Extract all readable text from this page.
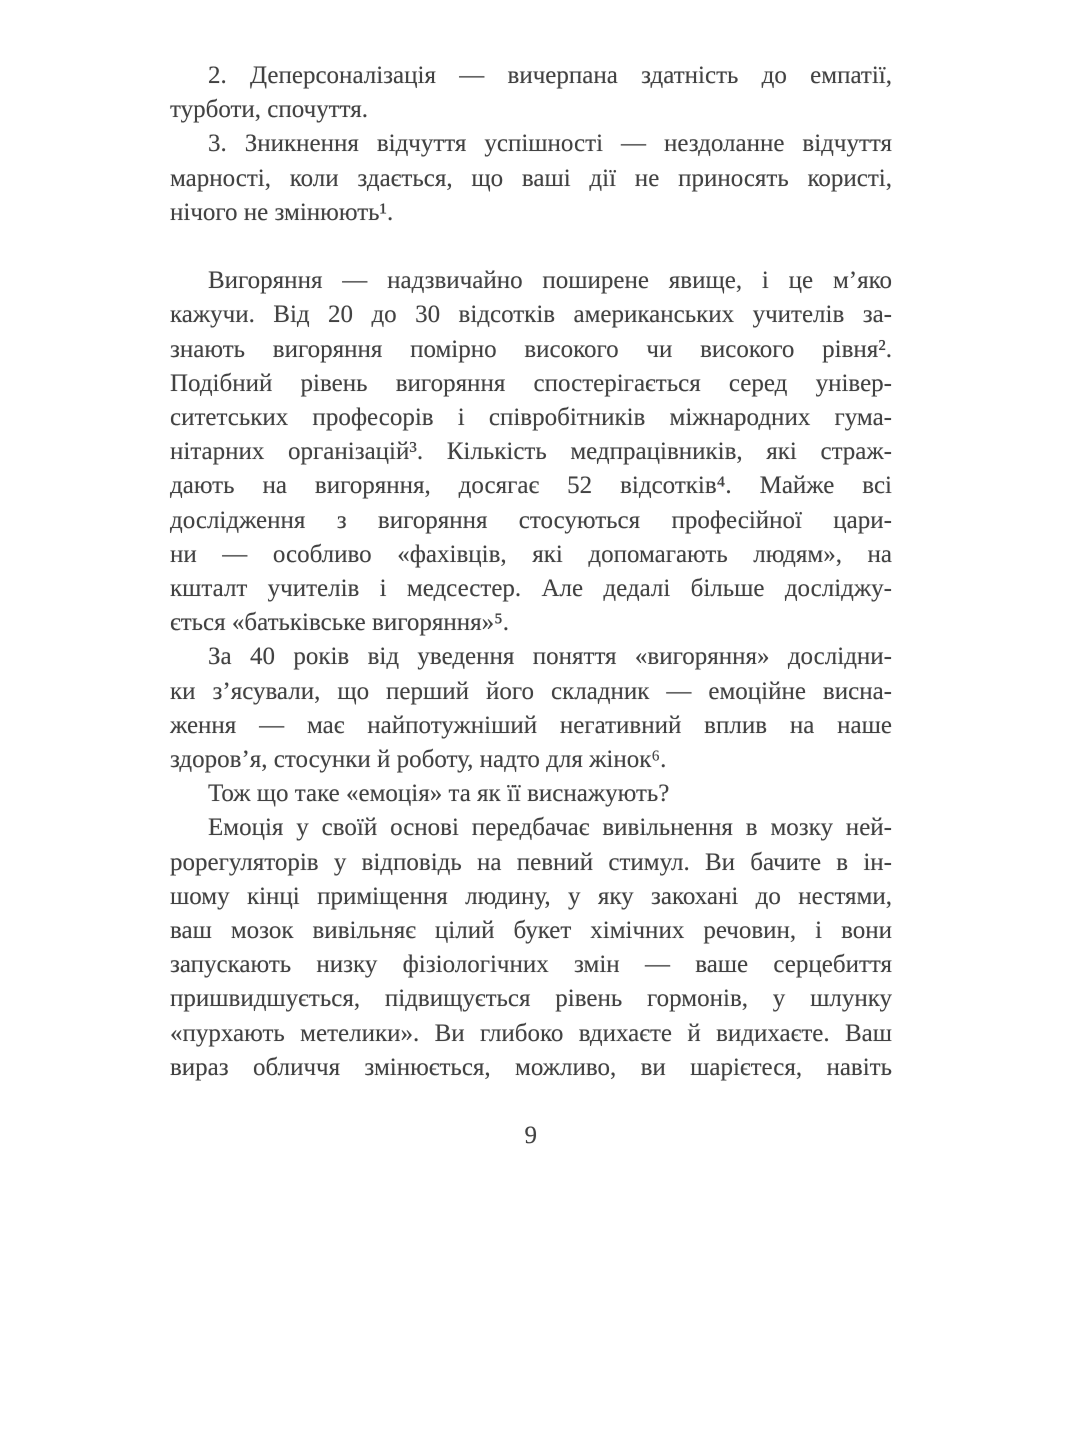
2. Деперсоналізація — вичерпана здатність до емпатії,
турботи, спочуття.
3. Зникнення відчуття успішності — нездоланне відчуття
марності, коли здається, що ваші дії не приносять користі,
нічого не змінюють¹.
Вигоряння — надзвичайно поширене явище, і це м’яко
кажучи. Від 20 до 30 відсотків американських учителів за-
знають вигоряння помірно високого чи високого рівня².
Подібний рівень вигоряння спостерігається серед універ-
ситетських професорів і співробітників міжнародних гума-
нітарних організацій³. Кількість медпрацівників, які страж-
дають на вигоряння, досягає 52 відсотків⁴. Майже всі
дослідження з вигоряння стосуються професійної цари-
ни — особливо «фахівців, які допомагають людям», на
кшталт учителів і медсестер. Але дедалі більше досліджу-
ється «батьківське вигоряння»⁵.
За 40 років від уведення поняття «вигоряння» дослідни-
ки з’ясували, що перший його складник — емоційне висна-
ження — має найпотужніший негативний вплив на наше
здоров’я, стосунки й роботу, надто для жінок⁶.
Тож що таке «емоція» та як її виснажують?
Емоція у своїй основі передбачає вивільнення в мозку ней-
рорегуляторів у відповідь на певний стимул. Ви бачите в ін-
шому кінці приміщення людину, у яку закохані до нестями,
ваш мозок вивільняє цілий букет хімічних речовин, і вони
запускають низку фізіологічних змін — ваше серцебиття
пришвидшується, підвищується рівень гормонів, у шлунку
«пурхають метелики». Ви глибоко вдихаєте й видихаєте. Ваш
вираз обличчя змінюється, можливо, ви шарієтеся, навіть
9
